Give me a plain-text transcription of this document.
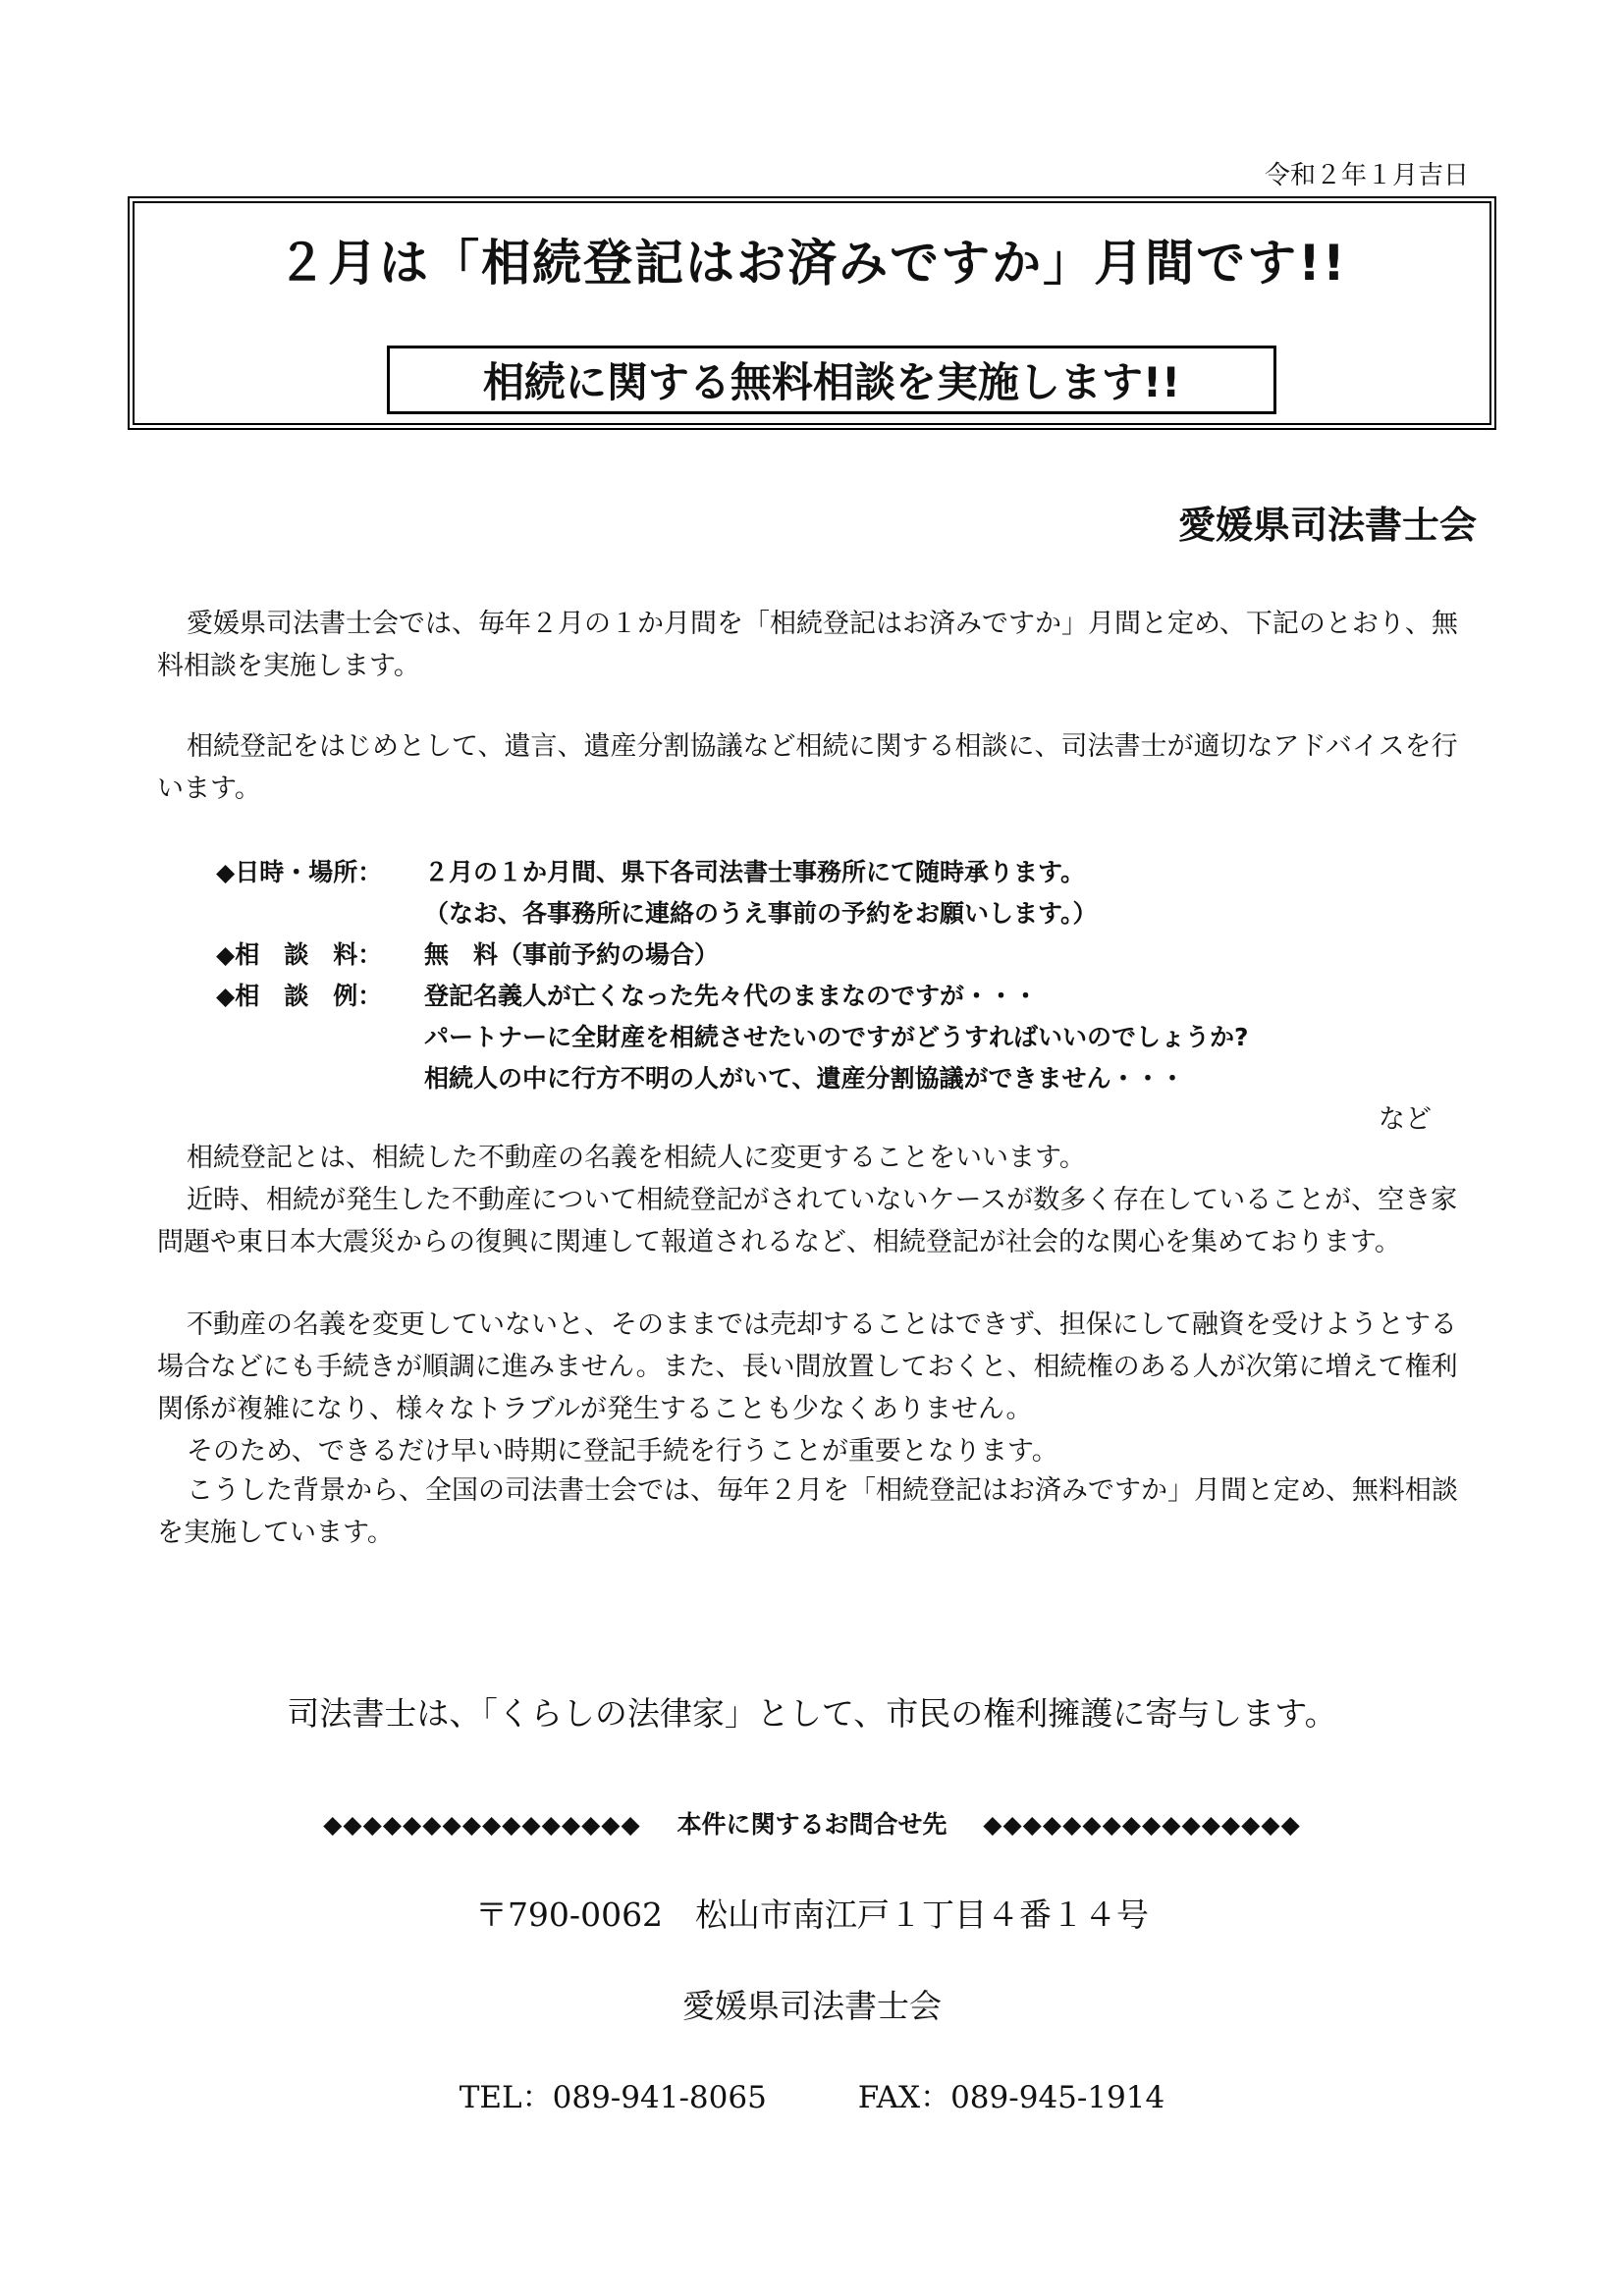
令和２年１月吉日
２月は「相続登記はお済みですか」月間です!!
相続に関する無料相談を実施します!!
愛媛県司法書士会

愛媛県司法書士会では、毎年２月の１か月間を「相続登記はお済みですか」月間と定め、下記のとおり、無料相談を実施します。

相続登記をはじめとして、遺言、遺産分割協議など相続に関する相談に、司法書士が適切なアドバイスを行います。

◆日時・場所：	２月の１か月間、県下各司法書士事務所にて随時承ります。
（なお、各事務所に連絡のうえ事前の予約をお願いします。）
◆相　談　料：	無　料（事前予約の場合）
◆相　談　例：	登記名義人が亡くなった先々代のままなのですが・・・
パートナーに全財産を相続させたいのですがどうすればいいのでしょうか?
相続人の中に行方不明の人がいて、遺産分割協議ができません・・・
など
相続登記とは、相続した不動産の名義を相続人に変更することをいいます。
近時、相続が発生した不動産について相続登記がされていないケースが数多く存在していることが、空き家問題や東日本大震災からの復興に関連して報道されるなど、相続登記が社会的な関心を集めております。
不動産の名義を変更していないと、そのままでは売却することはできず、担保にして融資を受けようとする場合などにも手続きが順調に進みません。また、長い間放置しておくと、相続権のある人が次第に増えて権利関係が複雑になり、様々なトラブルが発生することも少なくありません。
そのため、できるだけ早い時期に登記手続を行うことが重要となります。

こうした背景から、全国の司法書士会では、毎年２月を「相続登記はお済みですか」月間と定め、無料相談を実施しています。

司法書士は、「くらしの法律家」として、市民の権利擁護に寄与します。
◆◆◆◆◆◆◆◆◆◆◆◆◆◆◆◆ 本件に関するお問合せ先 ◆◆◆◆◆◆◆◆◆◆◆◆◆◆◆◆
〒790-0062　松山市南江戸１丁目４番１４号
愛媛県司法書士会
TEL：089-941-8065　　　FAX：089-945-1914
